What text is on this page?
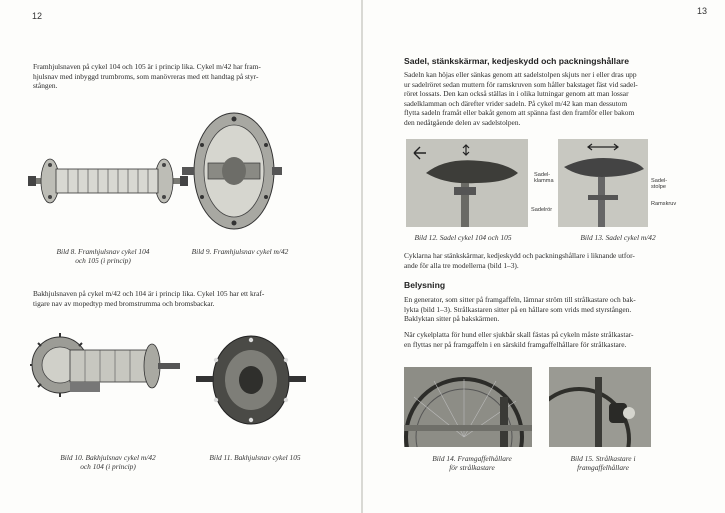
12
Framhjulsnaven på cykel 104 och 105 är i princip lika. Cykel m/42 har fram-
hjulsnav med inbyggd trumbroms, som manövreras med ett handtag på styr-
stången.
Bild 8. Framhjulsnav cykel 104
och 105 (i princip)
Bild 9. Framhjulsnav cykel m/42
Bakhjulsnaven på cykel m/42 och 104 är i princip lika. Cykel 105 har ett kraf-
tigare nav av mopedtyp med bromstrumma och bromsbackar.
Bild 10. Bakhjulsnav cykel m/42
och 104 (i princip)
Bild 11. Bakhjulsnav cykel 105
13
Sadel, stänkskärmar, kedjeskydd och packningshållare
Sadeln kan höjas eller sänkas genom att sadelstolpen skjuts ner i eller dras upp
ur sadelröret sedan muttern för ramskruven som håller bakstaget fäst vid sadel-
röret lossats. Den kan också ställas in i olika lutningar genom att man lossar
sadelklamman och därefter vrider sadeln. På cykel m/42 kan man dessutom
flytta sadeln framåt eller bakåt genom att spänna fast den framför eller bakom
den nedåtgående delen av sadelstolpen.
Sadel-
klamma
Sadelrör
Sadel-
stolpe
Ramskruv
Bild 12. Sadel cykel 104 och 105	Bild 13. Sadel cykel m/42
Cyklarna har stänkskärmar, kedjeskydd och packningshållare i liknande utfor-
ande för alla tre modellerna (bild 1–3).
Belysning
En generator, som sitter på framgaffeln, lämnar ström till strålkastare och bak-
lykta (bild 1–3). Strålkastaren sitter på en hållare som vrids med styrstången.
Baklyktan sitter på bakskärmen.
När cykelplatta för hund eller sjukbår skall fästas på cykeln måste strålkastar-
en flyttas ner på framgaffeln i en särskild framgaffelhållare för strålkastare.
Bild 14. Framgaffelhållare
för strålkastare
Bild 15. Strålkastare i
framgaffelhållare
